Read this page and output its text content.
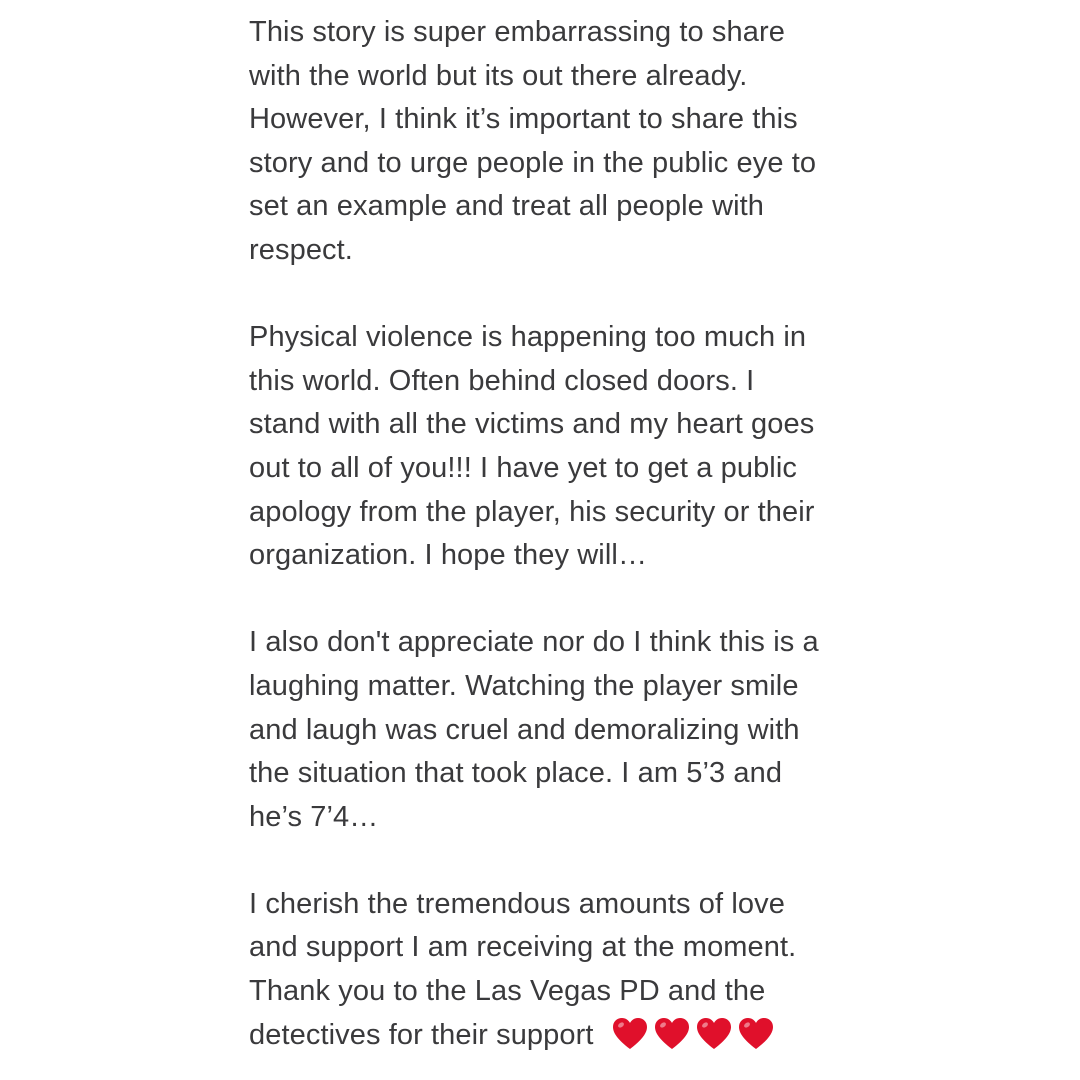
This story is super embarrassing to share
with the world but its out there already.
However, I think it’s important to share this
story and to urge people in the public eye to
set an example and treat all people with
respect.
Physical violence is happening too much in
this world. Often behind closed doors. I
stand with all the victims and my heart goes
out to all of you!!! I have yet to get a public
apology from the player, his security or their
organization. I hope they will…
I also don't appreciate nor do I think this is a
laughing matter. Watching the player smile
and laugh was cruel and demoralizing with
the situation that took place. I am 5’3 and
he’s 7’4…
I cherish the tremendous amounts of love
and support I am receiving at the moment.
Thank you to the Las Vegas PD and the
detectives for their support
